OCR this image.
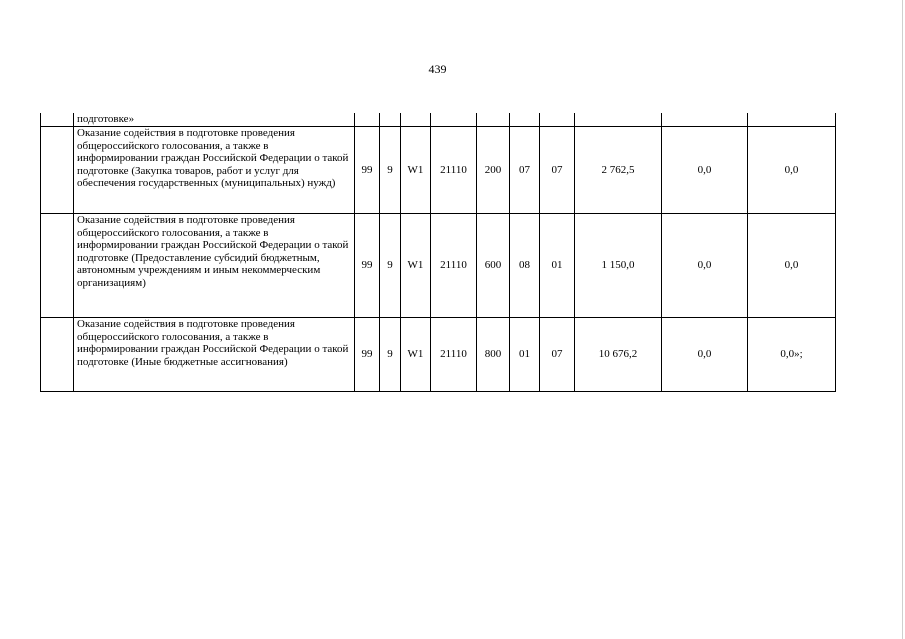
439
	подготовке»										
	Оказание содействия в подготовке проведения общероссийского голосования, а также в информировании граждан Российской Федерации о такой подготовке (Закупка товаров, работ и услуг для обеспечения государственных (муниципальных) нужд)	99	9	W1	21110	200	07	07	2 762,5	0,0	0,0
	Оказание содействия в подготовке проведения общероссийского голосования, а также в информировании граждан Российской Федерации о такой подготовке (Предоставление субсидий бюджетным, автономным учреждениям и иным некоммерческим организациям)	99	9	W1	21110	600	08	01	1 150,0	0,0	0,0
	Оказание содействия в подготовке проведения общероссийского голосования, а также в информировании граждан Российской Федерации о такой подготовке (Иные бюджетные ассигнования)	99	9	W1	21110	800	01	07	10 676,2	0,0	0,0»;
